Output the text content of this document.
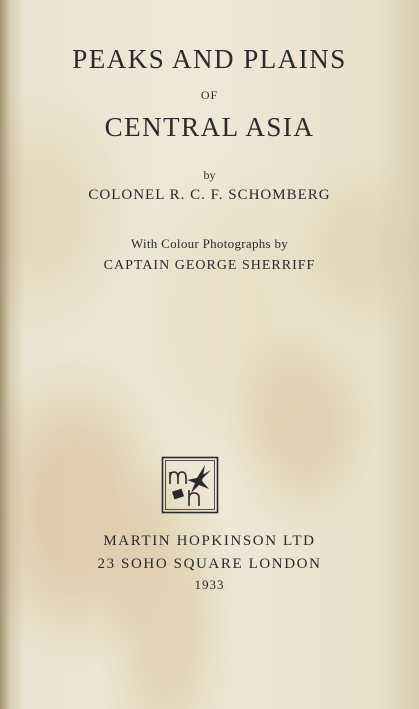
PEAKS AND PLAINS
OF
CENTRAL ASIA
by
COLONEL R. C. F. SCHOMBERG
With Colour Photographs by
CAPTAIN GEORGE SHERRIFF
MARTIN HOPKINSON LTD
23 SOHO SQUARE LONDON
1933
